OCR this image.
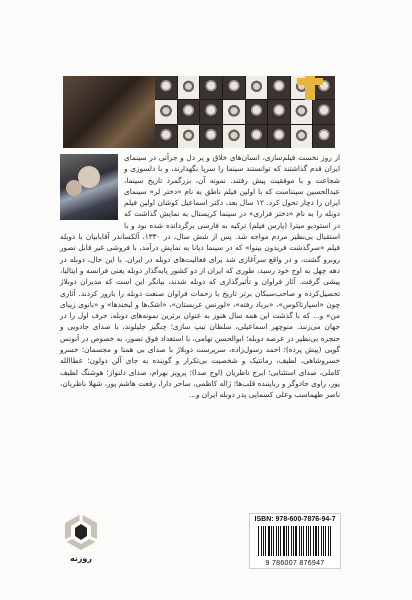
از روز نخست فیلم‌سازی، انسان‌های خلاق و پر دل و جرأتی در سینمای ایران قدم گذاشتند که توانستند سینما را سرپا نگهدارند، و با دلسوزی و شجاعت و با موفقیت پیش رفتند. نمونه آن، بزرگمرد تاریخ سینما، عبدالحسین سپنتاست که با اولین فیلم ناطق به نام «دختر لر» سینمای ایران را دچار تحول کرد. ۱۲ سال بعد، دکتر اسماعیل کوشان اولین فیلم دوبله را به نام «دختر فراری» در سینما کریستال به نمایش گذاشت که در استودیو میترا (پارس فیلم) ترکیه به فارسی برگردانده شده بود و با استقبال بی‌نظیر مردم مواجه شد. پس از شش سال، در ۱۳۳۰، آلکساندر آقابابیان با دوبله فیلم «سرگذشت فریدون بینوا» که در سینما دیانا به نمایش درآمد، با فروشی غیر قابل تصور روبرو گشت، و در واقع سرآغازی شد برای فعالیت‌های دوبله در ایران. با این حال، دوبله در دهه چهل به اوج خود رسید، طوری که ایران از دو کشور پایه‌گذار دوبله یعنی فرانسه و ایتالیا، پیشی گرفت. آثار فراوان و تأثیرگذاری که دوبله شدند، بیانگر این است که مدیران دوبلاژ تحصیل‌کرده و صاحب‌سبکان برتر تاریخ با زحمات فراوان صنعت دوبله را بارور کردند. آثاری چون «اسپارتاکوس»، «برباد رفته»، «لورنس عربستان»، «اشک‌ها و لبخندها» و «بانوی زیبای من» و... که با گذشت این همه سال هنوز به عنوان برترین نمونه‌های دوبله، حرف اول را در جهان می‌زنند. منوچهر اسماعیلی، سلطان تیپ سازی؛ چنگیز جلیلوند، با صدای جادویی و حنجره بی‌نظیر در عرصه دوبله؛ ابوالحسن تهامی، با استعداد فوق تصور، به خصوص در آنونس گویی (پیش پرده)؛ احمد رسول‌زاده، سرپرست دوبلاژ با صدای بی همتا و مجسمان؛ خسرو خسروشاهی، لطیف، رمانتیک و شخصیت بی‌تکرار و گوینده به جای آلن دولون؛ عطاالله کاملی، صدای استثنایی؛ ایرج ناظریان (اوج صدا)؛ پرویز بهرام، صدای دلنواز؛ هوشنگ لطیف پور، راوی جادوگر و ربایننده قلب‌ها؛ ژاله کاظمی، ساحر دارا، رفعت هاشم پور، شهلا ناظریان، ناصر طهماسب وعلی کسمایی پدر دوبله ایران و...

روزنه
ISBN: 978-600-7876-94-7
9 786007 876947
